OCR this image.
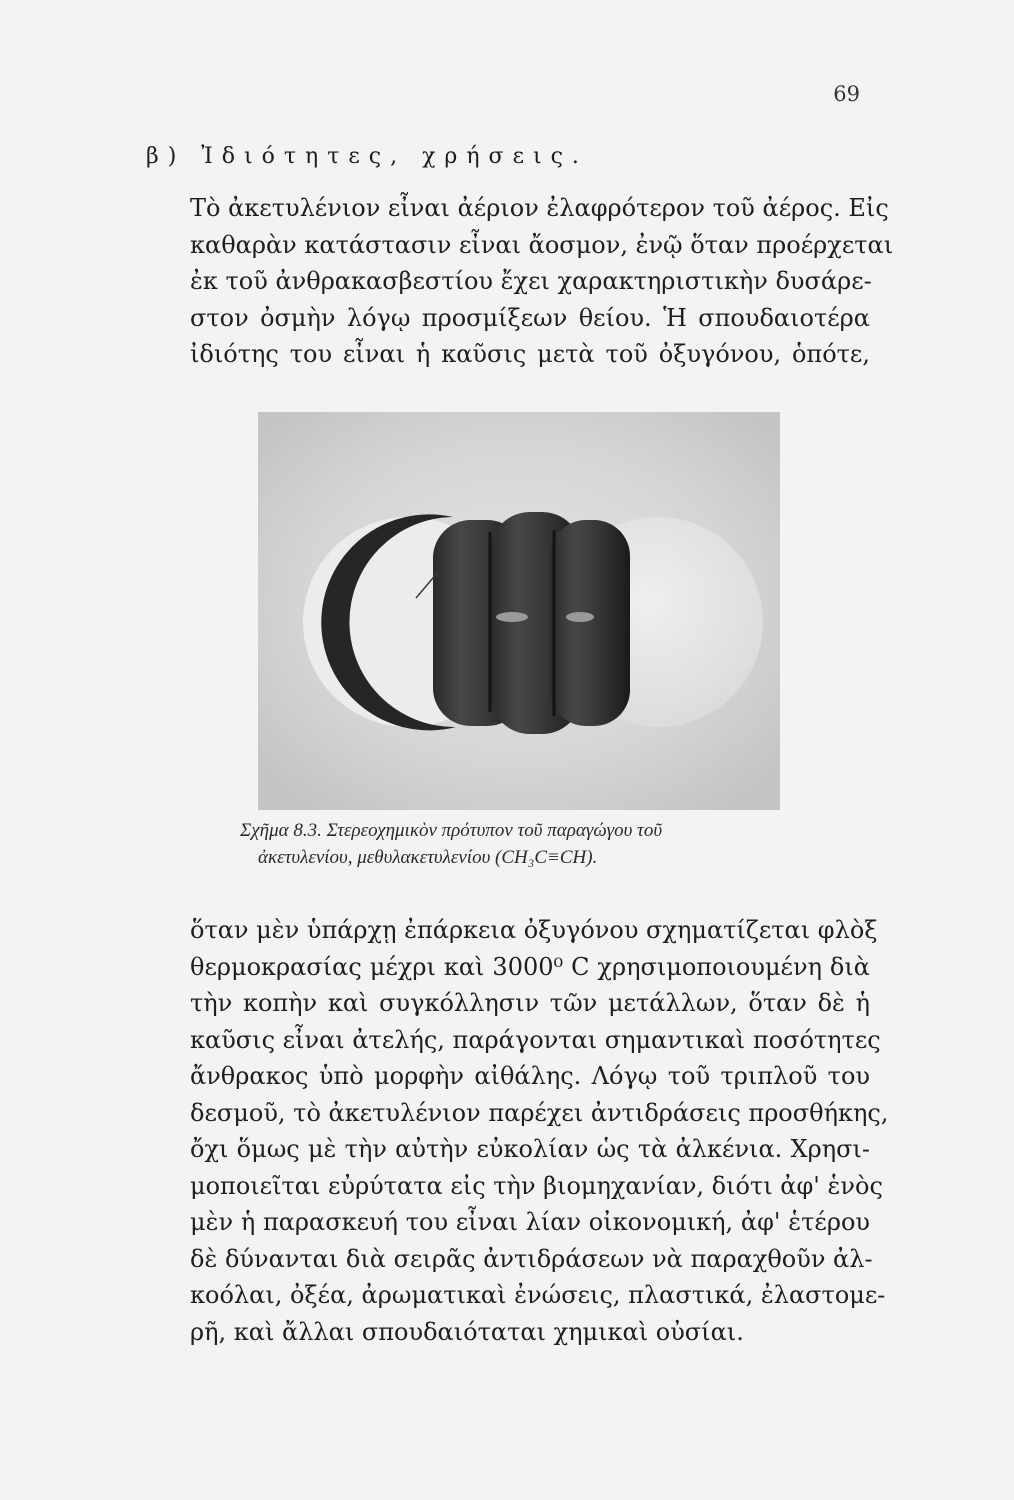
69
β) Ἰδιότητες, χρήσεις.
Τὸ ἀκετυλένιον εἶναι ἀέριον ἐλαφρότερον τοῦ ἀέρος. Εἰς
καθαρὰν κατάστασιν εἶναι ἄοσμον, ἐνῷ ὅταν προέρχεται
ἐκ τοῦ ἀνθρακασβεστίου ἔχει χαρακτηριστικὴν δυσάρε-
στον ὀσμὴν λόγῳ προσμίξεων θείου. Ἡ σπουδαιοτέρα
ἰδιότης του εἶναι ἡ καῦσις μετὰ τοῦ ὀξυγόνου, ὁπότε,
Σχῆμα 8.3. Στερεοχημικὸν πρότυπον τοῦ παραγώγου τοῦ
ἀκετυλενίου, μεθυλακετυλενίου (CH₃C≡CH).
ὅταν μὲν ὑπάρχῃ ἐπάρκεια ὀξυγόνου σχηματίζεται φλὸξ
θερμοκρασίας μέχρι καὶ 3000⁰ C χρησιμοποιουμένη διὰ
τὴν κοπὴν καὶ συγκόλλησιν τῶν μετάλλων, ὅταν δὲ ἡ
καῦσις εἶναι ἀτελής, παράγονται σημαντικαὶ ποσότητες
ἄνθρακος ὑπὸ μορφὴν αἰθάλης. Λόγῳ τοῦ τριπλοῦ του
δεσμοῦ, τὸ ἀκετυλένιον παρέχει ἀντιδράσεις προσθήκης,
ὄχι ὅμως μὲ τὴν αὐτὴν εὐκολίαν ὡς τὰ ἀλκένια. Χρησι-
μοποιεῖται εὐρύτατα εἰς τὴν βιομηχανίαν, διότι ἀφ' ἑνὸς
μὲν ἡ παρασκευή του εἶναι λίαν οἰκονομική, ἀφ' ἑτέρου
δὲ δύνανται διὰ σειρᾶς ἀντιδράσεων νὰ παραχθοῦν ἀλ-
κοόλαι, ὀξέα, ἀρωματικαὶ ἐνώσεις, πλαστικά, ἐλαστομε-
ρῆ, καὶ ἄλλαι σπουδαιόταται χημικαὶ οὐσίαι.
